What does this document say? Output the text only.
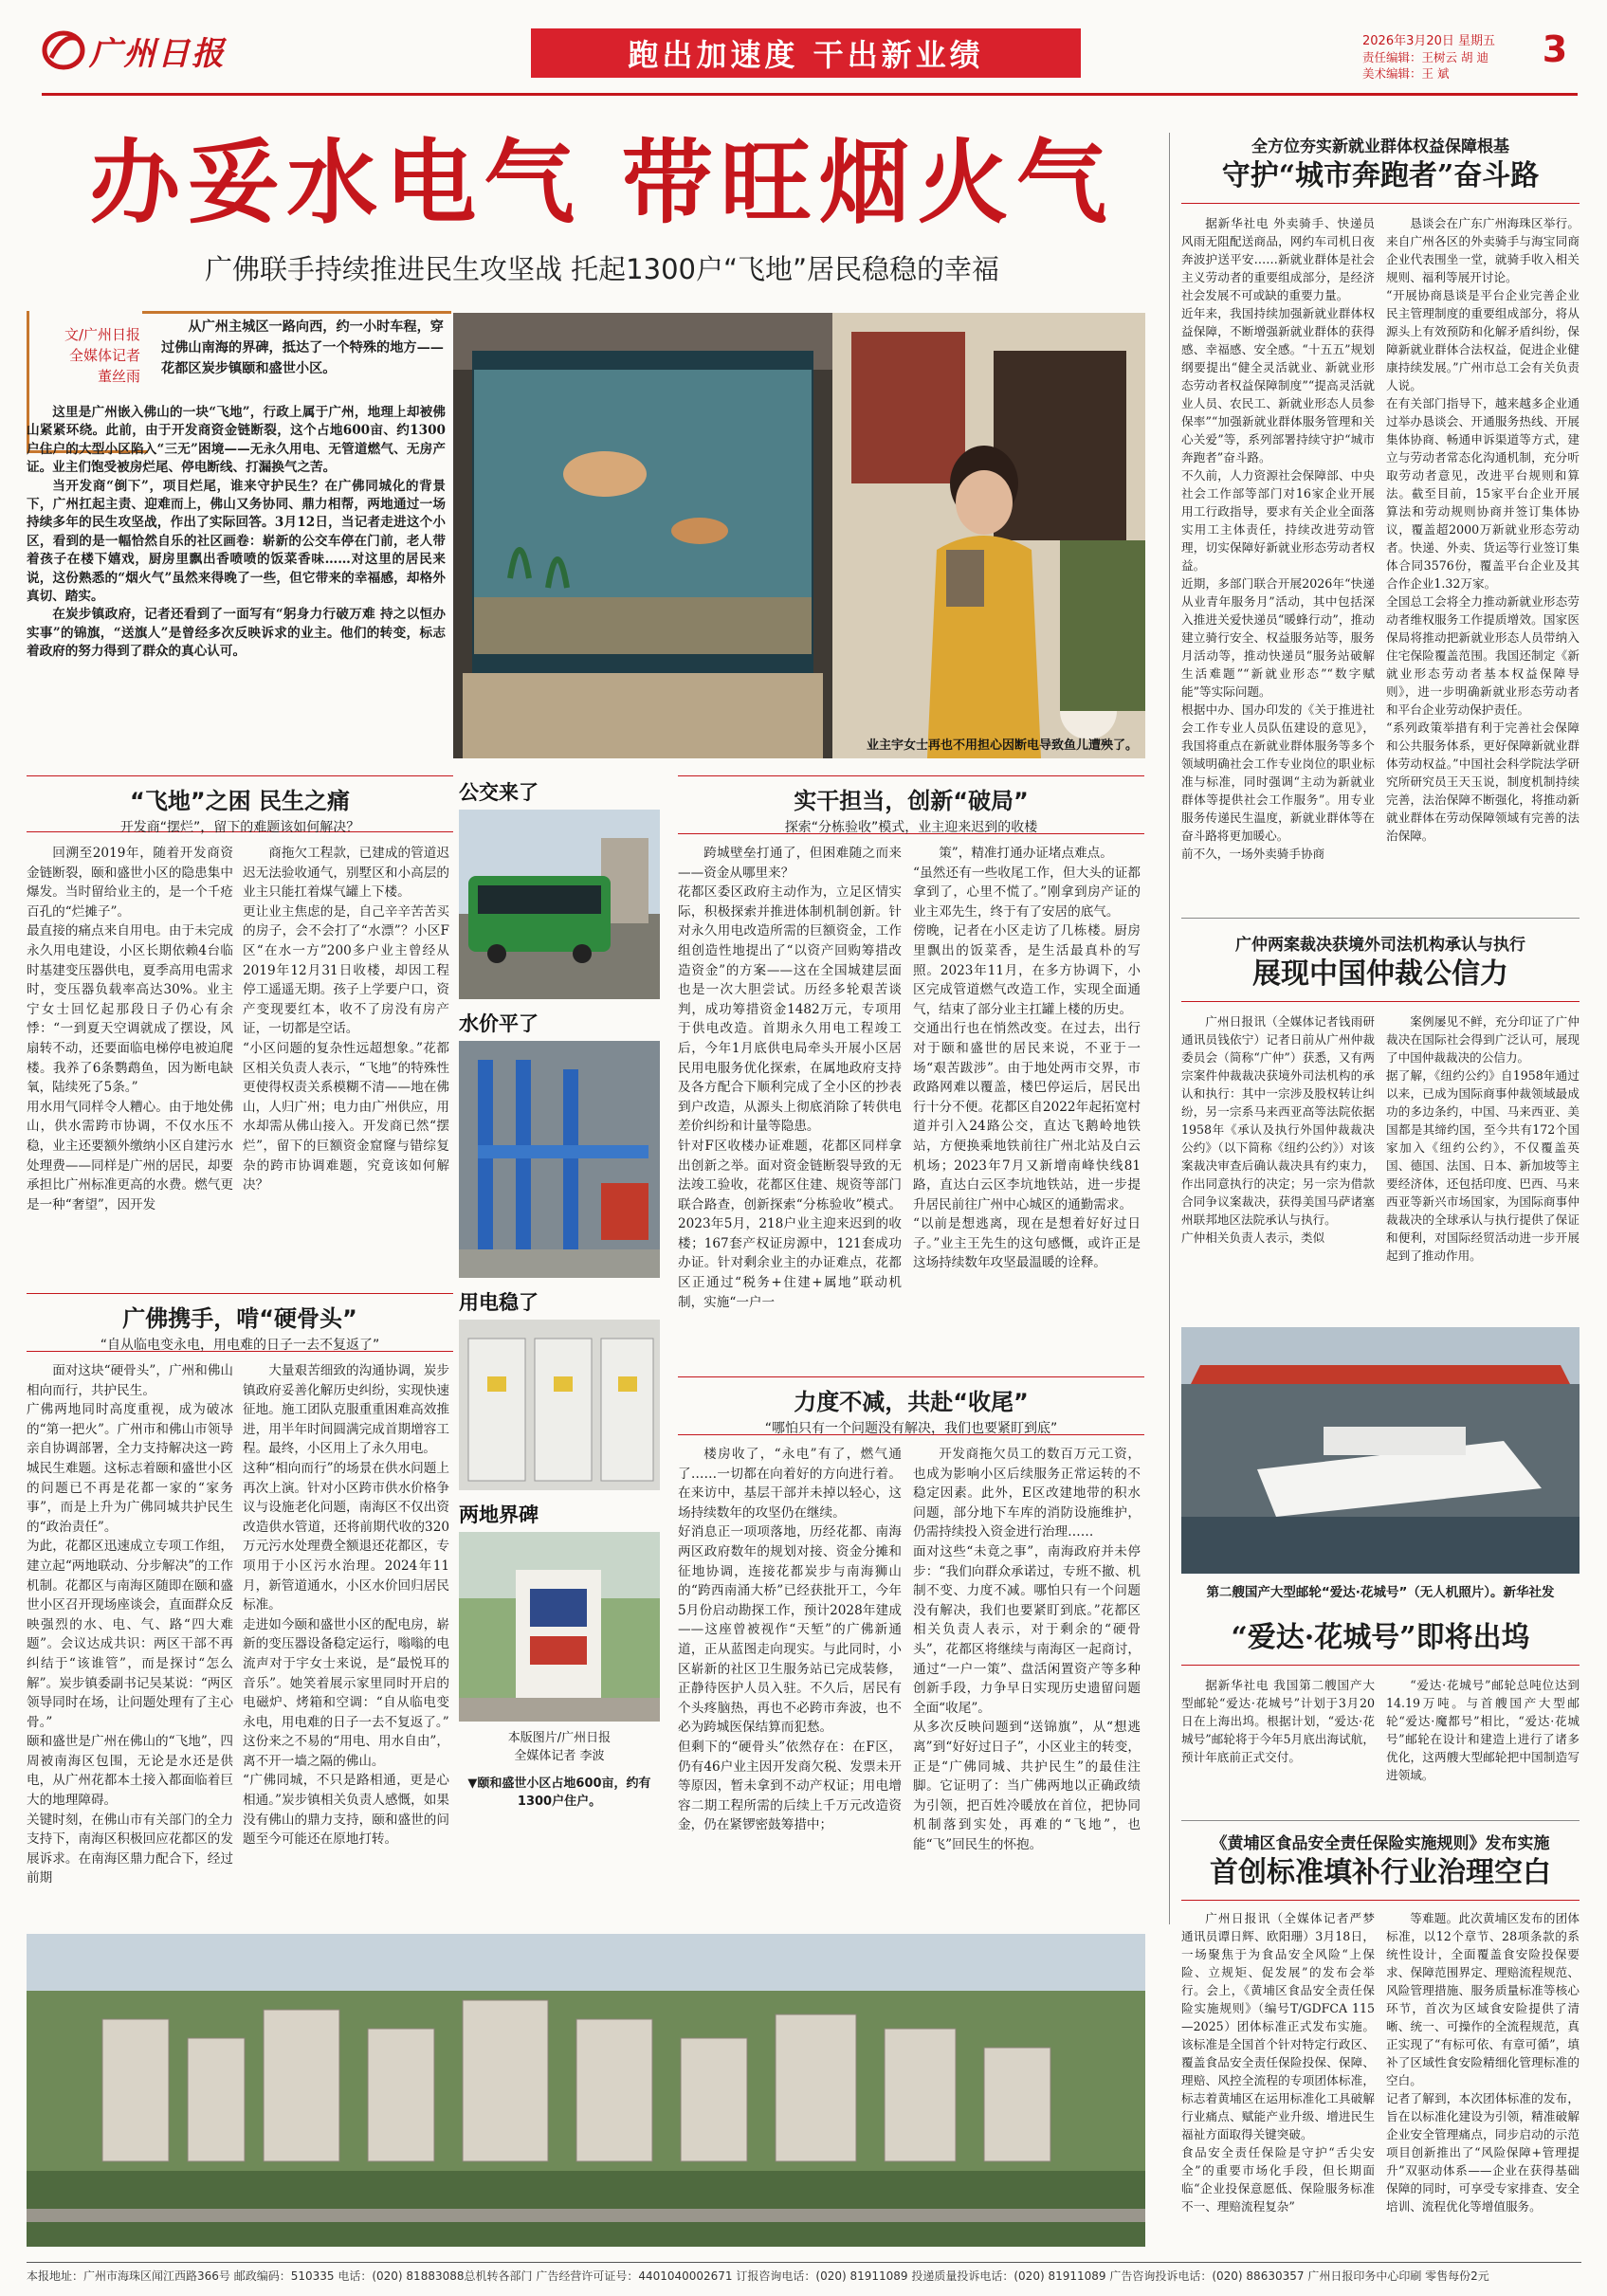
广州日报	跑出加速度 干出新业绩	2026年3月20日 星期五
责任编辑：王树云 胡 迪
美术编辑：王 斌
3
办妥水电气 带旺烟火气
广佛联手持续推进民生攻坚战 托起1300户“飞地”居民稳稳的幸福
文/广州日报全媒体记者 董丝雨
从广州主城区一路向西，约一小时车程，穿过佛山南海的界碑，抵达了一个特殊的地方——花都区炭步镇颐和盛世小区。
这里是广州嵌入佛山的一块“飞地”，行政上属于广州，地理上却被佛山紧紧环绕。此前，由于开发商资金链断裂，这个占地600亩、约1300户住户的大型小区陷入“三无”困境——无永久用电、无管道燃气、无房产证。业主们饱受被房烂尾、停电断线、打漏换气之苦。
当开发商“倒下”，项目烂尾，谁来守护民生？在广佛同城化的背景下，广州扛起主责、迎难而上，佛山又务协同、鼎力相帮，两地通过一场持续多年的民生攻坚战，作出了实际回答。3月12日，当记者走进这个小区，看到的是一幅恰然自乐的社区画卷：崭新的公交车停在门前，老人带着孩子在楼下嬉戏，厨房里飘出香喷喷的饭菜香味……对这里的居民来说，这份熟悉的“烟火气”虽然来得晚了一些，但它带来的幸福感，却格外真切、踏实。
在炭步镇政府，记者还看到了一面写有“躬身力行破万难 持之以恒办实事”的锦旗，“送旗人”是曾经多次反映诉求的业主。他们的转变，标志着政府的努力得到了群众的真心认可。
业主宇女士再也不用担心因断电导致鱼儿遭殃了。
“飞地”之困 民生之痛
开发商“摆烂”，留下的难题该如何解决？
回溯至2019年，随着开发商资金链断裂，颐和盛世小区的隐患集中爆发。当时留给业主的，是一个千疮百孔的“烂摊子”。
最直接的痛点来自用电。由于未完成永久用电建设，小区长期依赖4台临时基建变压器供电，夏季高用电需求时，变压器负载率高达30%。业主宁女士回忆起那段日子仍心有余悸：“一到夏天空调就成了摆设，风扇转不动，还要面临电梯停电被迫爬楼。我养了6条鹦鹉鱼，因为断电缺氧，陆续死了5条。”
用水用气同样令人糟心。由于地处佛山，供水需跨市协调，不仅水压不稳，业主还要额外缴纳小区自建污水处理费——同样是广州的居民，却要承担比广州标准更高的水费。燃气更是一种“奢望”，因开发
商拖欠工程款，已建成的管道迟迟无法验收通气，别墅区和小高层的业主只能扛着煤气罐上下楼。
更让业主焦虑的是，自己辛辛苦苦买的房子，会不会打了“水漂”？小区F区“在水一方”200多户业主曾经从2019年12月31日收楼，却因工程停工遥遥无期。孩子上学要户口，资产变现要红本，收不了房没有房产证，一切都是空话。
“小区问题的复杂性远超想象。”花都区相关负责人表示，“飞地”的特殊性更使得权责关系模糊不清——地在佛山，人归广州；电力由广州供应，用水却需从佛山接入。开发商已然“摆烂”，留下的巨额资金窟窿与错综复杂的跨市协调难题，究竟该如何解决？
广佛携手，啃“硬骨头”
“自从临电变永电，用电难的日子一去不复返了”
面对这块“硬骨头”，广州和佛山相向而行，共护民生。
广佛两地同时高度重视，成为破冰的“第一把火”。广州市和佛山市领导亲自协调部署，全力支持解决这一跨城民生难题。这标志着颐和盛世小区的问题已不再是花都一家的“家务事”，而是上升为广佛同城共护民生的“政治责任”。
为此，花都区迅速成立专项工作组，建立起“两地联动、分步解决”的工作机制。花都区与南海区随即在颐和盛世小区召开现场座谈会，直面群众反映强烈的水、电、气、路“四大难题”。会议达成共识：两区干部不再纠结于“该谁管”，而是探讨“怎么解”。炭步镇委副书记吴某说：“两区领导同时在场，让问题处理有了主心骨。”
颐和盛世是广州在佛山的“飞地”，四周被南海区包围，无论是水还是供电，从广州花都本土接入都面临着巨大的地理障碍。
关键时刻，在佛山市有关部门的全力支持下，南海区积极回应花都区的发展诉求。在南海区鼎力配合下，经过前期
大量艰苦细致的沟通协调，炭步镇政府妥善化解历史纠纷，实现快速征地。施工团队克服重重困难高效推进，用半年时间圆满完成首期增容工程。最终，小区用上了永久用电。
这种“相向而行”的场景在供水问题上再次上演。针对小区跨市供水价格争议与设施老化问题，南海区不仅出资改造供水管道，还将前期代收的320万元污水处理费全额退还花都区，专项用于小区污水治理。2024年11月，新管道通水，小区水价回归居民标准。
走进如今颐和盛世小区的配电房，崭新的变压器设备稳定运行，嗡嗡的电流声对于宇女士来说，是“最悦耳的音乐”。她笑着展示家里同时开启的电磁炉、烤箱和空调：“自从临电变永电，用电难的日子一去不复返了。”
这份来之不易的“用电、用水自由”，离不开一墙之隔的佛山。
“广佛同城，不只是路相通，更是心相通。”炭步镇相关负责人感慨，如果没有佛山的鼎力支持，颐和盛世的问题至今可能还在原地打转。
公交来了
水价平了
用电稳了
两地界碑
本版图片/广州日报
全媒体记者 李波
▼颐和盛世小区占地600亩，约有1300户住户。
实干担当，创新“破局”
探索“分栋验收”模式，业主迎来迟到的收楼
跨城壁垒打通了，但困难随之而来——资金从哪里来？
花都区委区政府主动作为，立足区情实际，积极探索并推进体制机制创新。针对永久用电改造所需的巨额资金，工作组创造性地提出了“以资产回购筹措改造资金”的方案——这在全国城建层面也是一次大胆尝试。历经多轮艰苦谈判，成功筹措资金1482万元，专项用于供电改造。首期永久用电工程竣工后，今年1月底供电局牵头开展小区居民用电服务优化探索，在属地政府支持及各方配合下顺利完成了全小区的抄表到户改造，从源头上彻底消除了转供电差价纠纷和计量等隐患。
针对F区收楼办证难题，花都区同样拿出创新之举。面对资金链断裂导致的无法竣工验收，花都区住建、规资等部门联合路查，创新探索“分栋验收”模式。2023年5月，218户业主迎来迟到的收楼；167套产权证房源中，121套成功办证。针对剩余业主的办证难点，花都区正通过“税务+住建+属地”联动机制，实施“一户一
策”，精准打通办证堵点难点。
“虽然还有一些收尾工作，但大头的证都拿到了，心里不慌了。”刚拿到房产证的业主邓先生，终于有了安居的底气。
傍晚，记者在小区走访了几栋楼。厨房里飘出的饭菜香，是生活最真朴的写照。2023年11月，在多方协调下，小区完成管道燃气改造工作，实现全面通气，结束了部分业主扛罐上楼的历史。
交通出行也在悄然改变。在过去，出行对于颐和盛世的居民来说，不亚于一场“艰苦跋涉”。由于地处两市交界，市政路网难以覆盖，楼巴停运后，居民出行十分不便。花都区自2022年起拓宽村道并引入24路公交，直达飞鹅岭地铁站，方便换乘地铁前往广州北站及白云机场；2023年7月又新增南峰快线81路，直达白云区李坑地铁站，进一步提升居民前往广州中心城区的通勤需求。
“以前是想逃离，现在是想着好好过日子。”业主王先生的这句感慨，或许正是这场持续数年攻坚最温暖的诠释。
力度不减，共赴“收尾”
“哪怕只有一个问题没有解决，我们也要紧盯到底”
楼房收了，“永电”有了，燃气通了……一切都在向着好的方向进行着。在来访中，基层干部并未掉以轻心，这场持续数年的攻坚仍在继续。
好消息正一项项落地，历经花都、南海两区政府数年的规划对接、资金分摊和征地协调，连接花都炭步与南海狮山的“跨西南涌大桥”已经获批开工，今年5月份启动勘探工作，预计2028年建成——这座曾被视作“天堑”的广佛新通道，正从蓝图走向现实。与此同时，小区崭新的社区卫生服务站已完成装修，正静待医护人员入驻。不久后，居民有个头疼脑热，再也不必跨市奔波，也不必为跨城医保结算而犯愁。
但剩下的“硬骨头”依然存在：在F区，仍有46户业主因开发商欠税、发票未开等原因，暂未拿到不动产权证；用电增容二期工程所需的后续上千万元改造资金，仍在紧锣密鼓筹措中；
开发商拖欠员工的数百万元工资，也成为影响小区后续服务正常运转的不稳定因素。此外，E区改建地带的积水问题，部分地下车库的消防设施维护，仍需持续投入资金进行治理……
面对这些“未竟之事”，南海政府并未停步：“我们向群众承诺过，专班不撤、机制不变、力度不减。哪怕只有一个问题没有解决，我们也要紧盯到底。”花都区相关负责人表示，对于剩余的“硬骨头”，花都区将继续与南海区一起商讨，通过“一户一策”、盘活闲置资产等多种创新手段，力争早日实现历史遗留问题全面“收尾”。
从多次反映问题到“送锦旗”，从“想逃离”到“好好过日子”，小区业主的转变，正是“广佛同城、共护民生”的最佳注脚。它证明了：当广佛两地以正确政绩为引领，把百姓冷暖放在首位，把协同机制落到实处，再难的“飞地”，也能“飞”回民生的怀抱。
全方位夯实新就业群体权益保障根基
守护“城市奔跑者”奋斗路
据新华社电 外卖骑手、快递员风雨无阻配送商品，网约车司机日夜奔波护送平安……新就业群体是社会主义劳动者的重要组成部分，是经济社会发展不可或缺的重要力量。
近年来，我国持续加强新就业群体权益保障，不断增强新就业群体的获得感、幸福感、安全感。“十五五”规划纲要提出“健全灵活就业、新就业形态劳动者权益保障制度”“提高灵活就业人员、农民工、新就业形态人员参保率”“加强新就业群体服务管理和关心关爱”等，系列部署持续守护“城市奔跑者”奋斗路。
不久前，人力资源社会保障部、中央社会工作部等部门对16家企业开展用工行政指导，要求有关企业全面落实用工主体责任，持续改进劳动管理，切实保障好新就业形态劳动者权益。
近期，多部门联合开展2026年“快递从业青年服务月”活动，其中包括深入推进关爱快递员“暖蜂行动”，推动建立骑行安全、权益服务站等，服务月活动等，推动快递员“服务站破解生活难题”“新就业形态”“数字赋能”等实际问题。
根据中办、国办印发的《关于推进社会工作专业人员队伍建设的意见》，我国将重点在新就业群体服务等多个领域明确社会工作专业岗位的职业标准与标准，同时强调“主动为新就业群体等提供社会工作服务”。用专业服务传递民生温度，新就业群体等在奋斗路将更加暖心。
前不久，一场外卖骑手协商
恳谈会在广东广州海珠区举行。来自广州各区的外卖骑手与海宝同商企业代表围坐一堂，就骑手收入相关规则、福利等展开讨论。
“开展协商恳谈是平台企业完善企业民主管理制度的重要组成部分，将从源头上有效预防和化解矛盾纠纷，保障新就业群体合法权益，促进企业健康持续发展。”广州市总工会有关负责人说。
在有关部门指导下，越来越多企业通过举办恳谈会、开通服务热线、开展集体协商、畅通申诉渠道等方式，建立与劳动者常态化沟通机制，充分听取劳动者意见，改进平台规则和算法。截至目前，15家平台企业开展算法和劳动规则协商并签订集体协议，覆盖超2000万新就业形态劳动者。快递、外卖、货运等行业签订集体合同3576份，覆盖平台企业及其合作企业1.32万家。
全国总工会将全力推动新就业形态劳动者维权服务工作提质增效。国家医保局将推动把新就业形态人员带纳入住宅保险覆盖范围。我国还制定《新就业形态劳动者基本权益保障导则》，进一步明确新就业形态劳动者和平台企业劳动保护责任。
“系列政策举措有利于完善社会保障和公共服务体系，更好保障新就业群体劳动权益。”中国社会科学院法学研究所研究员王天玉说，制度机制持续完善，法治保障不断强化，将推动新就业群体在劳动保障领域有完善的法治保障。
广仲两案裁决获境外司法机构承认与执行
展现中国仲裁公信力
广州日报讯（全媒体记者钱雨研 通讯员钱依宁）记者日前从广州仲裁委员会（简称“广仲”）获悉，又有两宗案件仲裁裁决获境外司法机构的承认和执行：其中一宗涉及股权转让纠纷，另一宗系马来西亚高等法院依据1958年《承认及执行外国仲裁裁决公约》（以下简称《纽约公约》）对该案裁决审查后确认裁决具有约束力，作出同意执行的决定；另一宗为借款合同争议案裁决，获得美国马萨诸塞州联邦地区法院承认与执行。
广仲相关负责人表示，类似
案例屡见不鲜，充分印证了广仲裁决在国际社会得到广泛认可，展现了中国仲裁裁决的公信力。
据了解，《纽约公约》自1958年通过以来，已成为国际商事仲裁领域最成功的多边条约，中国、马来西亚、美国都是其缔约国，至今共有172个国家加入《纽约公约》，不仅覆盖英国、德国、法国、日本、新加坡等主要经济体，还包括印度、巴西、马来西亚等新兴市场国家，为国际商事仲裁裁决的全球承认与执行提供了保证和便利，对国际经贸活动进一步开展起到了推动作用。
第二艘国产大型邮轮“爱达·花城号”（无人机照片）。新华社发
“爱达·花城号”即将出坞
据新华社电 我国第二艘国产大型邮轮“爱达·花城号”计划于3月20日在上海出坞。根据计划，“爱达·花城号”邮轮将于今年5月底出海试航，预计年底前正式交付。
“爱达·花城号”邮轮总吨位达到14.19万吨。与首艘国产大型邮轮“爱达·魔都号”相比，“爱达·花城号”邮轮在设计和建造上进行了诸多优化，这两艘大型邮轮把中国制造写进领域。
《黄埔区食品安全责任保险实施规则》发布实施
首创标准填补行业治理空白
广州日报讯（全媒体记者严梦 通讯员谭日辉、欧阳珊）3月18日，一场聚焦于为食品安全风险“上保险、立规矩、促发展”的发布会举行。会上，《黄埔区食品安全责任保险实施规则》（编号T/GDFCA 115—2025）团体标准正式发布实施。该标准是全国首个针对特定行政区、覆盖食品安全责任保险投保、保障、理赔、风控全流程的专项团体标准，标志着黄埔区在运用标准化工具破解行业痛点、赋能产业升级、增进民生福祉方面取得关键突破。
食品安全责任保险是守护“舌尖安全”的重要市场化手段，但长期面临“企业投保意愿低、保险服务标准不一、理赔流程复杂”
等难题。此次黄埔区发布的团体标准，以12个章节、28项条款的系统性设计，全面覆盖食安险投保要求、保障范围界定、理赔流程规范、风险管理措施、服务质量标准等核心环节，首次为区域食安险提供了清晰、统一、可操作的全流程规范，真正实现了“有标可依、有章可循”，填补了区域性食安险精细化管理标准的空白。
记者了解到，本次团体标准的发布，旨在以标准化建设为引领，精准破解企业安全管理痛点，同步启动的示范项目创新推出了“风险保障+管理提升”双驱动体系——企业在获得基础保障的同时，可享受专家排查、安全培训、流程优化等增值服务。
本报地址：广州市海珠区闻江西路366号 邮政编码：510335 电话：(020) 81883088总机转各部门 广告经营许可证号：4401040002671 订报咨询电话：(020) 81911089 投递质量投诉电话：(020) 81911089 广告咨询投诉电话：(020) 88630357 广州日报印务中心印刷 零售每份2元
